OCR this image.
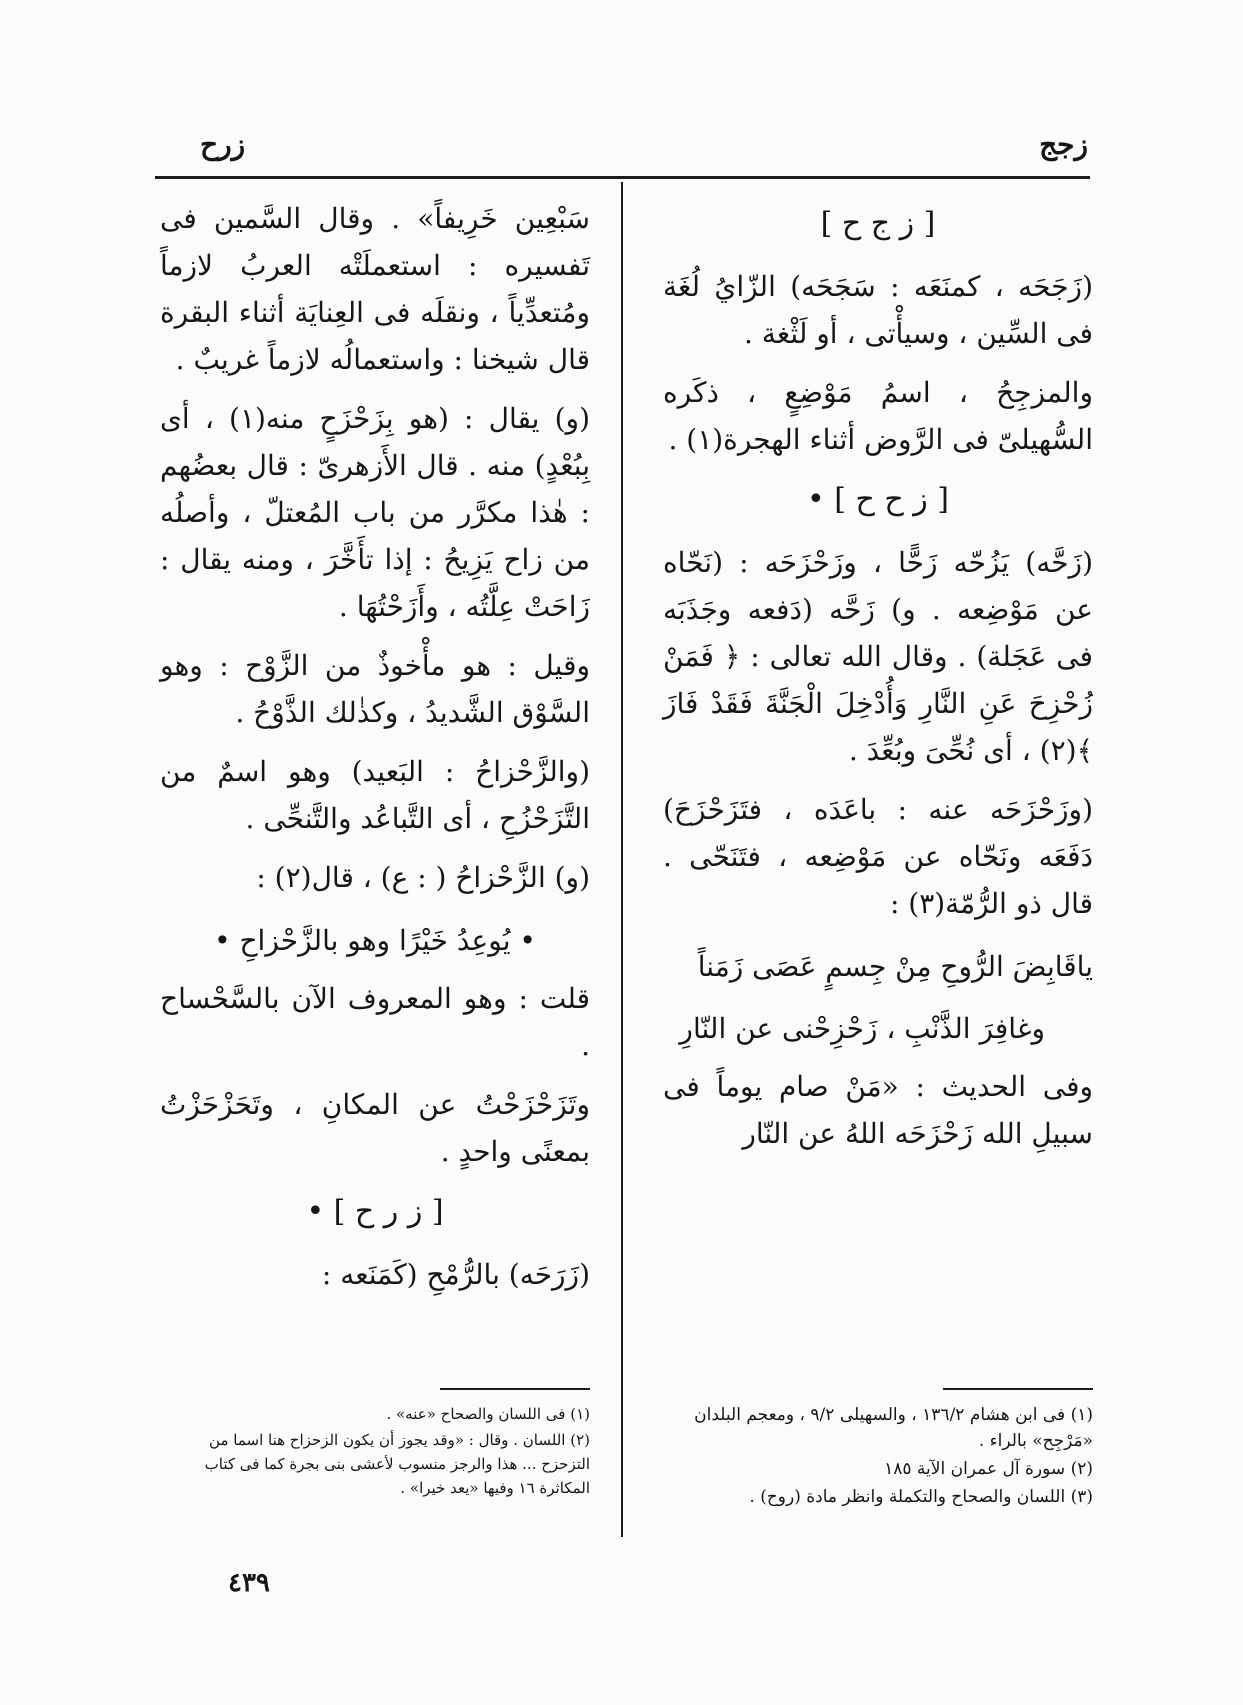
زجج
زرح
[ ز ج ح ]

(زَجَحَه ، كمنَعَه : سَجَحَه) الزّايُ لُغَة فى السِّين ، وسيأْتى ، أو لَثْغة .

والمزجِحُ ، اسمُ مَوْضِعٍ ، ذكَره السُّهيلىّ فى الرَّوض أثناء الهجرة(١) .

[ ز ح ح ] •

(زَحَّه) يَزُحّه زَحًّا ، وزَحْزَحَه : (نَحّاه عن مَوْضِعه . و) زَحَّه (دَفعه وجَذَبَه فى عَجَلة) . وقال الله تعالى : ﴿ فَمَنْ زُحْزِحَ عَنِ النَّارِ وَأُدْخِلَ الْجَنَّةَ فَقَدْ فَازَ ﴾(٢) ، أى نُحِّىَ وبُعِّدَ .

(وزَحْزَحَه عنه : باعَدَه ، فتَزَحْزَحَ) دَفَعَه ونَحّاه عن مَوْضِعه ، فتَنَحّى . قال ذو الرُّمّة(٣) :

ياقَابِضَ الرُّوحِ مِنْ جِسمٍ عَصَى زَمَناً
وغافِرَ الذَّنْبِ ، زَحْزِحْنى عن النّارِ

وفى الحديث : «مَنْ صام يوماً فى سبيلِ الله زَحْزَحَه اللهُ عن النّار

سَبْعِين خَرِيفاً» . وقال السَّمين فى تَفسيره : استعملَتْه العربُ لازماً ومُتعدِّياً ، ونقلَه فى العِنايَة أثناء البقرة قال شيخنا : واستعمالُه لازماً غريبٌ .

(و) يقال : (هو بِزَحْزَحٍ منه(١) ، أى بِبُعْدٍ) منه . قال الأَزهرىّ : قال بعضُهم : هٰذا مكرَّر من باب المُعتلّ ، وأصلُه من زاح يَزِيحُ : إذا تأَخَّرَ ، ومنه يقال : زَاحَتْ عِلَّتُه ، وأَزَحْتُهَا .

وقيل : هو مأْخوذٌ من الزَّوْح : وهو السَّوْق الشَّديدُ ، وكذٰلك الذَّوْحُ .

(والزَّحْزاحُ : البَعيد) وهو اسمٌ من التَّزَحْزُحِ ، أى التَّباعُد والتَّنحِّى .

(و) الزَّحْزاحُ ( : ع) ، قال(٢) :

• يُوعِدُ خَيْرًا وهو بالزَّحْزاحِ •

قلت : وهو المعروف الآن بالسَّحْساح .

وتَزَحْزَحْتُ عن المكانِ ، وتَحَزْحَزْتُ بمعنًى واحدٍ .

[ ز ر ح ] •

(زَرَحَه) بالرُّمْحِ (كَمَنَعه :

(١) فى ابن هشام ١٣٦/٢ ، والسهيلى ٩/٢ ، ومعجم البلدان «مَرْجِح» بالراء .
(٢) سورة آل عمران الآية ١٨٥
(٣) اللسان والصحاح والتكملة وانظر مادة (روح) .
(١) فى اللسان والصحاح «عنه» .
(٢) اللسان . وقال : «وقد يجوز أن يكون الزحزاح هنا اسما من التزحزح ... هذا والرجز منسوب لأعشى بنى بجرة كما فى كتاب المكاثرة ١٦ وفيها «يعد خيرا» .
٤٣٩
